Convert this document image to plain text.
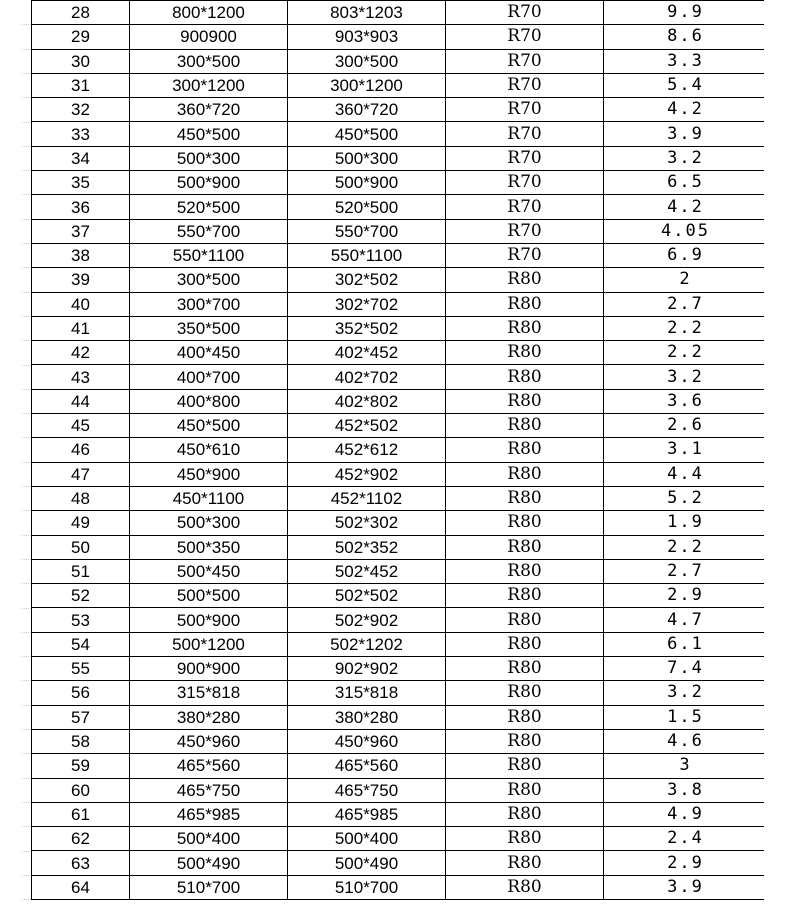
28	800*1200	803*1203	R70	9.9
29	900900	903*903	R70	8.6
30	300*500	300*500	R70	3.3
31	300*1200	300*1200	R70	5.4
32	360*720	360*720	R70	4.2
33	450*500	450*500	R70	3.9
34	500*300	500*300	R70	3.2
35	500*900	500*900	R70	6.5
36	520*500	520*500	R70	4.2
37	550*700	550*700	R70	4.05
38	550*1100	550*1100	R70	6.9
39	300*500	302*502	R80	2
40	300*700	302*702	R80	2.7
41	350*500	352*502	R80	2.2
42	400*450	402*452	R80	2.2
43	400*700	402*702	R80	3.2
44	400*800	402*802	R80	3.6
45	450*500	452*502	R80	2.6
46	450*610	452*612	R80	3.1
47	450*900	452*902	R80	4.4
48	450*1100	452*1102	R80	5.2
49	500*300	502*302	R80	1.9
50	500*350	502*352	R80	2.2
51	500*450	502*452	R80	2.7
52	500*500	502*502	R80	2.9
53	500*900	502*902	R80	4.7
54	500*1200	502*1202	R80	6.1
55	900*900	902*902	R80	7.4
56	315*818	315*818	R80	3.2
57	380*280	380*280	R80	1.5
58	450*960	450*960	R80	4.6
59	465*560	465*560	R80	3
60	465*750	465*750	R80	3.8
61	465*985	465*985	R80	4.9
62	500*400	500*400	R80	2.4
63	500*490	500*490	R80	2.9
64	510*700	510*700	R80	3.9
